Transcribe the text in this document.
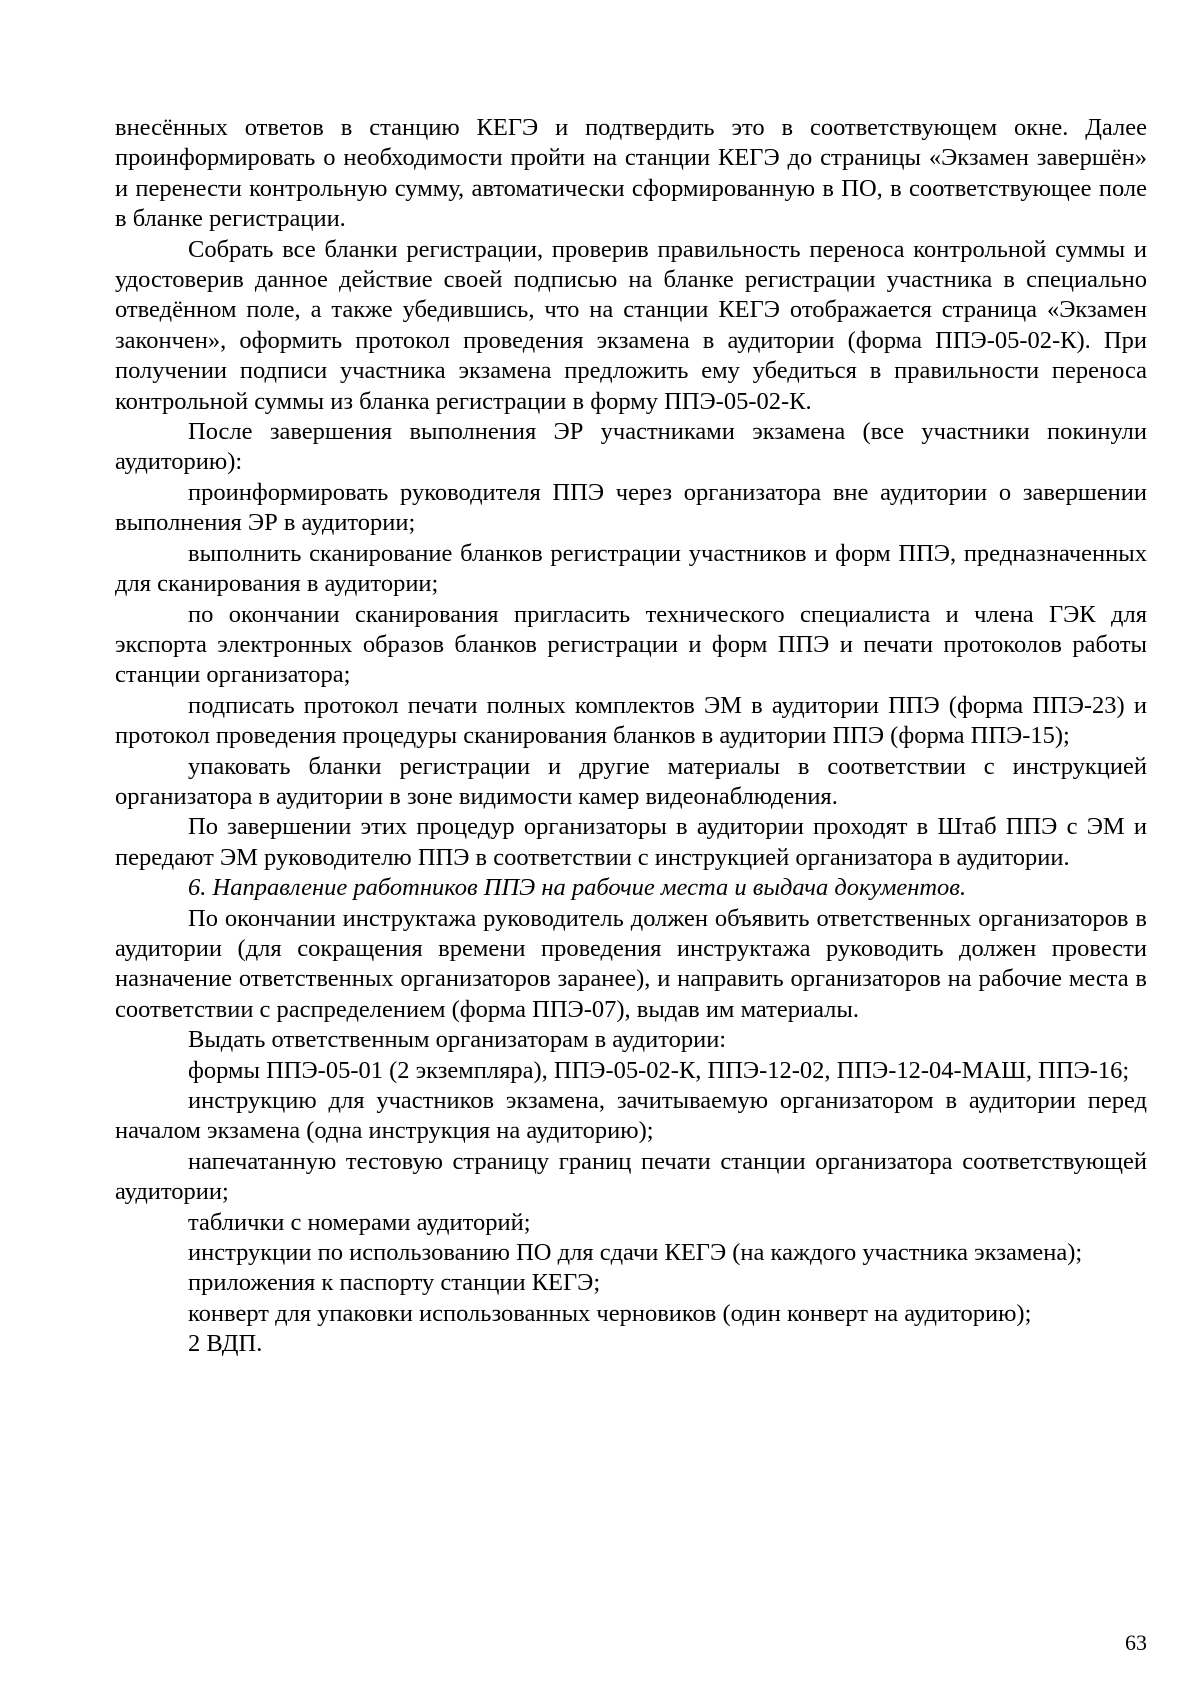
внесённых ответов в станцию КЕГЭ и подтвердить это в соответствующем окне. Далее проинформировать о необходимости пройти на станции КЕГЭ до страницы «Экзамен завершён» и перенести контрольную сумму, автоматически сформированную в ПО, в соответствующее поле в бланке регистрации.

Собрать все бланки регистрации, проверив правильность переноса контрольной суммы и удостоверив данное действие своей подписью на бланке регистрации участника в специально отведённом поле, а также убедившись, что на станции КЕГЭ отображается страница «Экзамен закончен», оформить протокол проведения экзамена в аудитории (форма ППЭ-05-02-К). При получении подписи участника экзамена предложить ему убедиться в правильности переноса контрольной суммы из бланка регистрации в форму ППЭ-05-02-К.

После завершения выполнения ЭР участниками экзамена (все участники покинули аудиторию):

проинформировать руководителя ППЭ через организатора вне аудитории о завершении выполнения ЭР в аудитории;

выполнить сканирование бланков регистрации участников и форм ППЭ, предназначенных для сканирования в аудитории;

по окончании сканирования пригласить технического специалиста и члена ГЭК для экспорта электронных образов бланков регистрации и форм ППЭ и печати протоколов работы станции организатора;

подписать протокол печати полных комплектов ЭМ в аудитории ППЭ (форма ППЭ-23) и протокол проведения процедуры сканирования бланков в аудитории ППЭ (форма ППЭ-15);

упаковать бланки регистрации и другие материалы в соответствии с инструкцией организатора в аудитории в зоне видимости камер видеонаблюдения.

По завершении этих процедур организаторы в аудитории проходят в Штаб ППЭ с ЭМ и передают ЭМ руководителю ППЭ в соответствии с инструкцией организатора в аудитории.

6. Направление работников ППЭ на рабочие места и выдача документов.

По окончании инструктажа руководитель должен объявить ответственных организаторов в аудитории (для сокращения времени проведения инструктажа руководить должен провести назначение ответственных организаторов заранее), и направить организаторов на рабочие места в соответствии с распределением (форма ППЭ-07), выдав им материалы.

Выдать ответственным организаторам в аудитории:

формы ППЭ-05-01 (2 экземпляра), ППЭ-05-02-К, ППЭ-12-02, ППЭ-12-04-МАШ, ППЭ-16;

инструкцию для участников экзамена, зачитываемую организатором в аудитории перед началом экзамена (одна инструкция на аудиторию);

напечатанную тестовую страницу границ печати станции организатора соответствующей аудитории;

таблички с номерами аудиторий;

инструкции по использованию ПО для сдачи КЕГЭ (на каждого участника экзамена);

приложения к паспорту станции КЕГЭ;

конверт для упаковки использованных черновиков (один конверт на аудиторию);

2 ВДП.

63
